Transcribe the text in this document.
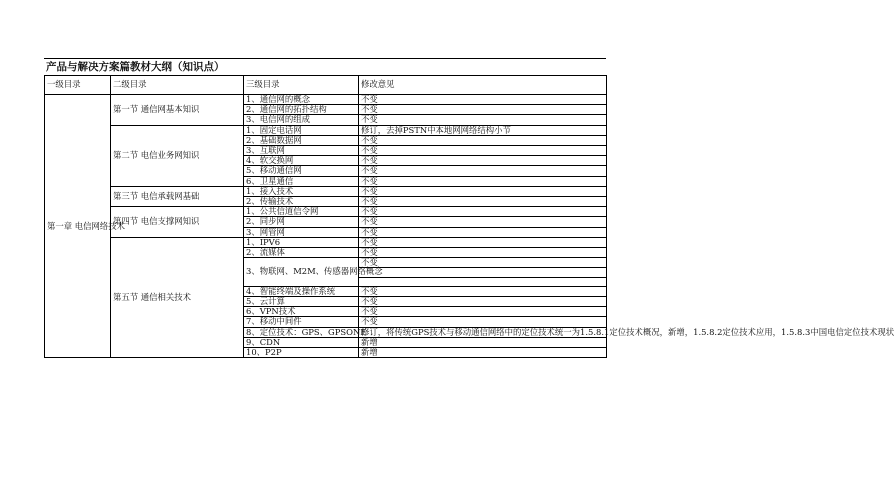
产品与解决方案篇教材大纲（知识点）
一级目录	二级目录	三级目录	修改意见
第一章 电信网络技术	第一节 通信网基本知识	1、通信网的概念	不变
		2、通信网的拓扑结构	不变
		3、电信网的组成	不变
	第二节 电信业务网知识	1、固定电话网	修订，去掉PSTN中本地网网络结构小节
		2、基础数据网	不变
		3、互联网	不变
		4、软交换网	不变
		5、移动通信网	不变
		6、卫星通信	不变
	第三节 电信承载网基础	1、接入技术	不变
		2、传输技术	不变
	第四节 电信支撑网知识	1、公共信道信令网	不变
		2、同步网	不变
		3、网管网	不变
	第五节 通信相关技术	1、IPV6	不变
		2、流媒体	不变
		3、物联网、M2M、传感器网络概念	不变

		4、智能终端及操作系统	不变
		5、云计算	不变
		6、VPN技术	不变
		7、移动中间件	不变
		8、定位技术：GPS、GPSONE	修订，将传统GPS技术与移动通信网络中的定位技术统一为1.5.8.1定位技术概况，新增，1.5.8.2定位技术应用，1.5.8.3中国电信定位技术现状

		9、CDN	新增
		10、P2P	新增
